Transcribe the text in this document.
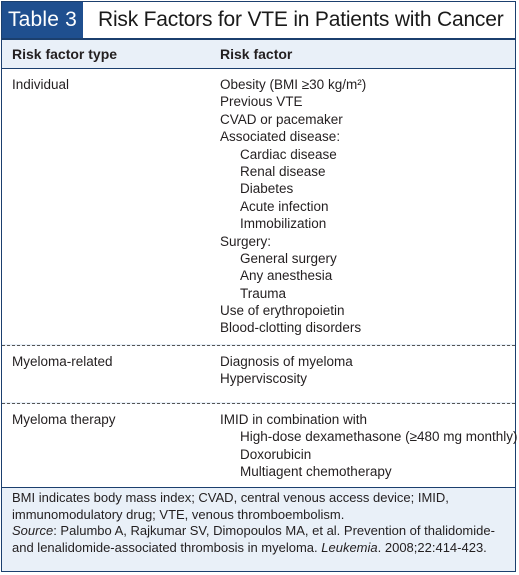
Table 3 Risk Factors for VTE in Patients with Cancer
Risk factor type	Risk factor
Individual	Obesity (BMI ≥30 kg/m²)
Previous VTE
CVAD or pacemaker
Associated disease:
Cardiac disease
Renal disease
Diabetes
Acute infection
Immobilization
Surgery:
General surgery
Any anesthesia
Trauma
Use of erythropoietin
Blood-clotting disorders
Myeloma-related	Diagnosis of myeloma
Hyperviscosity
Myeloma therapy	IMID in combination with
High-dose dexamethasone (≥480 mg monthly)
Doxorubicin
Multiagent chemotherapy

BMI indicates body mass index; CVAD, central venous access device; IMID, immunomodulatory drug; VTE, venous thromboembolism.

Source: Palumbo A, Rajkumar SV, Dimopoulos MA, et al. Prevention of thalidomide- and lenalidomide-associated thrombosis in myeloma. Leukemia. 2008;22:414-423.
